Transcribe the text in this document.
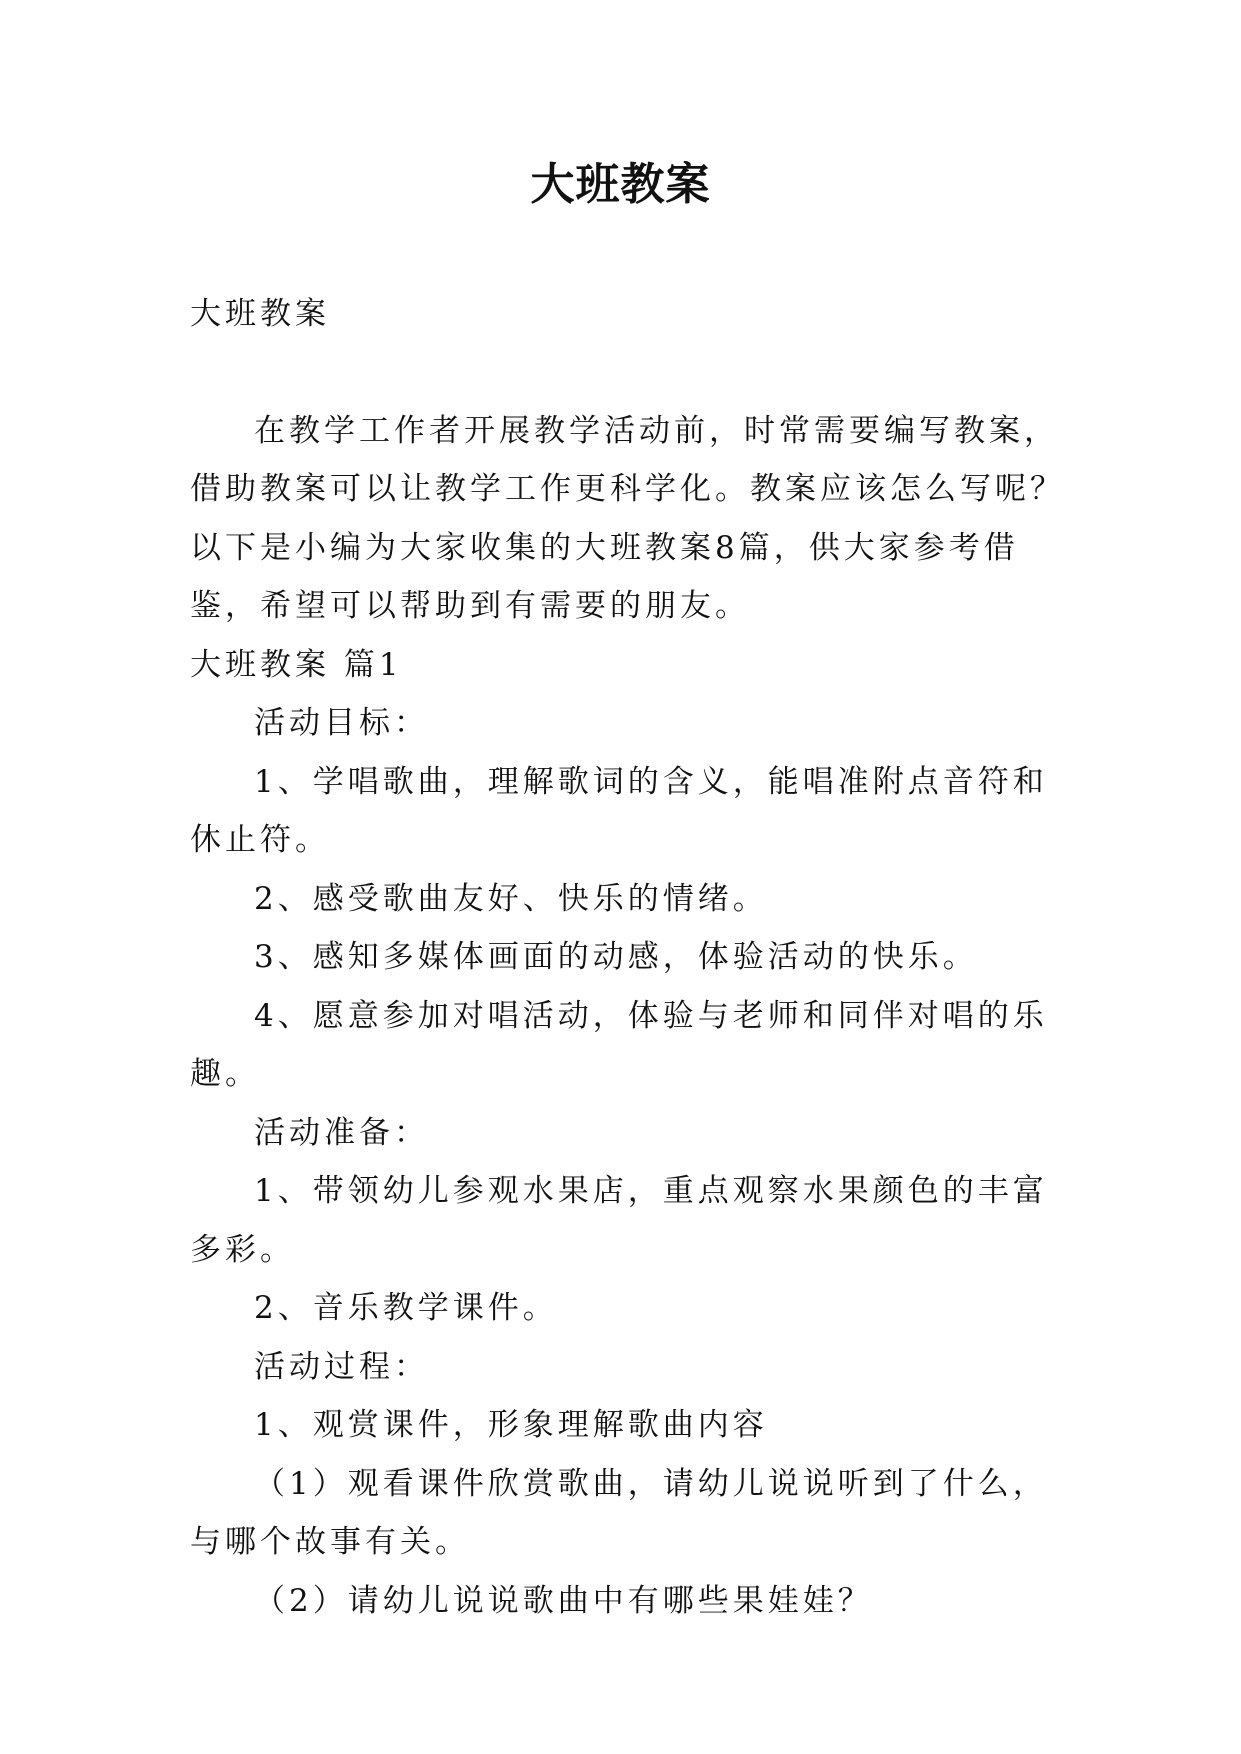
大班教案

大班教案

在教学工作者开展教学活动前，时常需要编写教案，借助教案可以让教学工作更科学化。教案应该怎么写呢？以下是小编为大家收集的大班教案8篇，供大家参考借鉴，希望可以帮助到有需要的朋友。

大班教案 篇1

活动目标：

1、学唱歌曲，理解歌词的含义，能唱准附点音符和休止符。

2、感受歌曲友好、快乐的情绪。

3、感知多媒体画面的动感，体验活动的快乐。

4、愿意参加对唱活动，体验与老师和同伴对唱的乐趣。

活动准备：

1、带领幼儿参观水果店，重点观察水果颜色的丰富多彩。

2、音乐教学课件。

活动过程：

1、观赏课件，形象理解歌曲内容

（1）观看课件欣赏歌曲，请幼儿说说听到了什么，与哪个故事有关。

（2）请幼儿说说歌曲中有哪些果娃娃？
